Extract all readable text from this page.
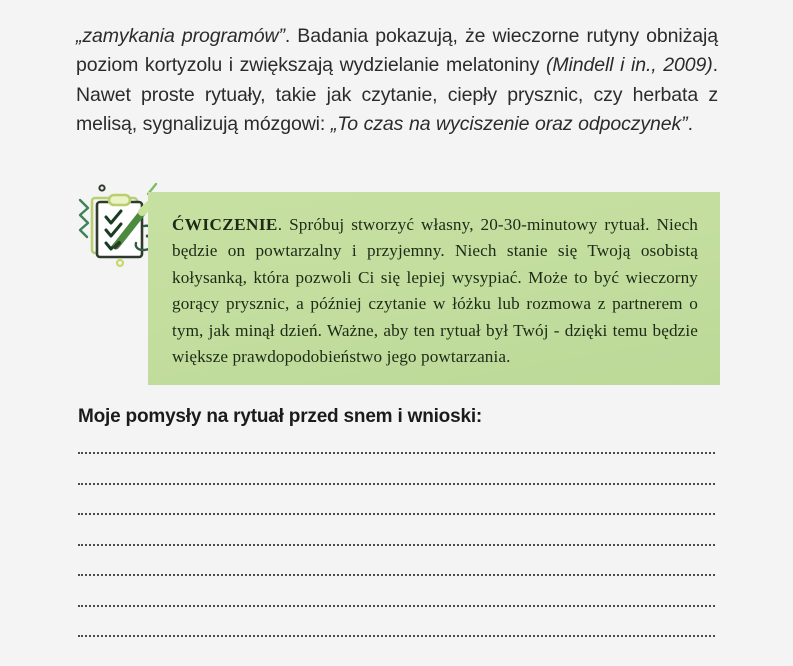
„zamykania programów”. Badania pokazują, że wieczorne rutyny obniżają poziom kortyzolu i zwiększają wydzielanie melatoniny (Mindell i in., 2009). Nawet proste rytuały, takie jak czytanie, ciepły prysznic, czy herbata z melisą, sygnalizują mózgowi: „To czas na wyciszenie oraz odpoczynek”.

ĆWICZENIE. Spróbuj stworzyć własny, 20-30-minutowy rytuał. Niech będzie on powtarzalny i przyjemny. Niech stanie się Twoją osobistą kołysanką, która pozwoli Ci się lepiej wysypiać. Może to być wieczorny gorący prysznic, a później czytanie w łóżku lub rozmowa z partnerem o tym, jak minął dzień. Ważne, aby ten rytuał był Twój - dzięki temu będzie większe prawdopodobieństwo jego powtarzania.

Moje pomysły na rytuał przed snem i wnioski:
